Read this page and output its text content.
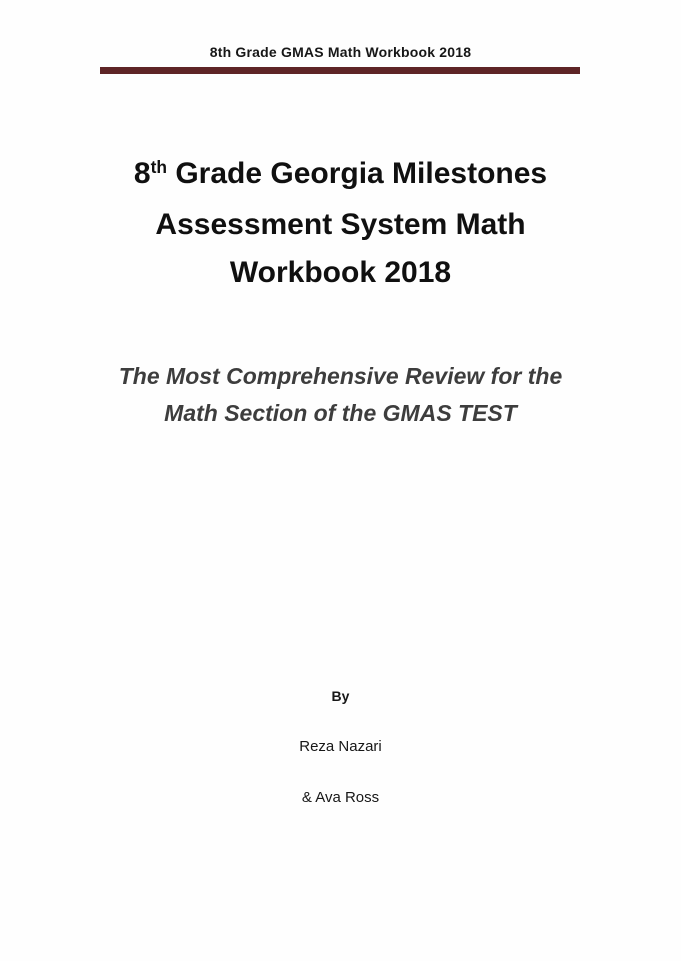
8th Grade GMAS Math Workbook 2018
8th Grade Georgia Milestones
Assessment System Math
Workbook 2018
The Most Comprehensive Review for the
Math Section of the GMAS TEST
By
Reza Nazari
& Ava Ross
